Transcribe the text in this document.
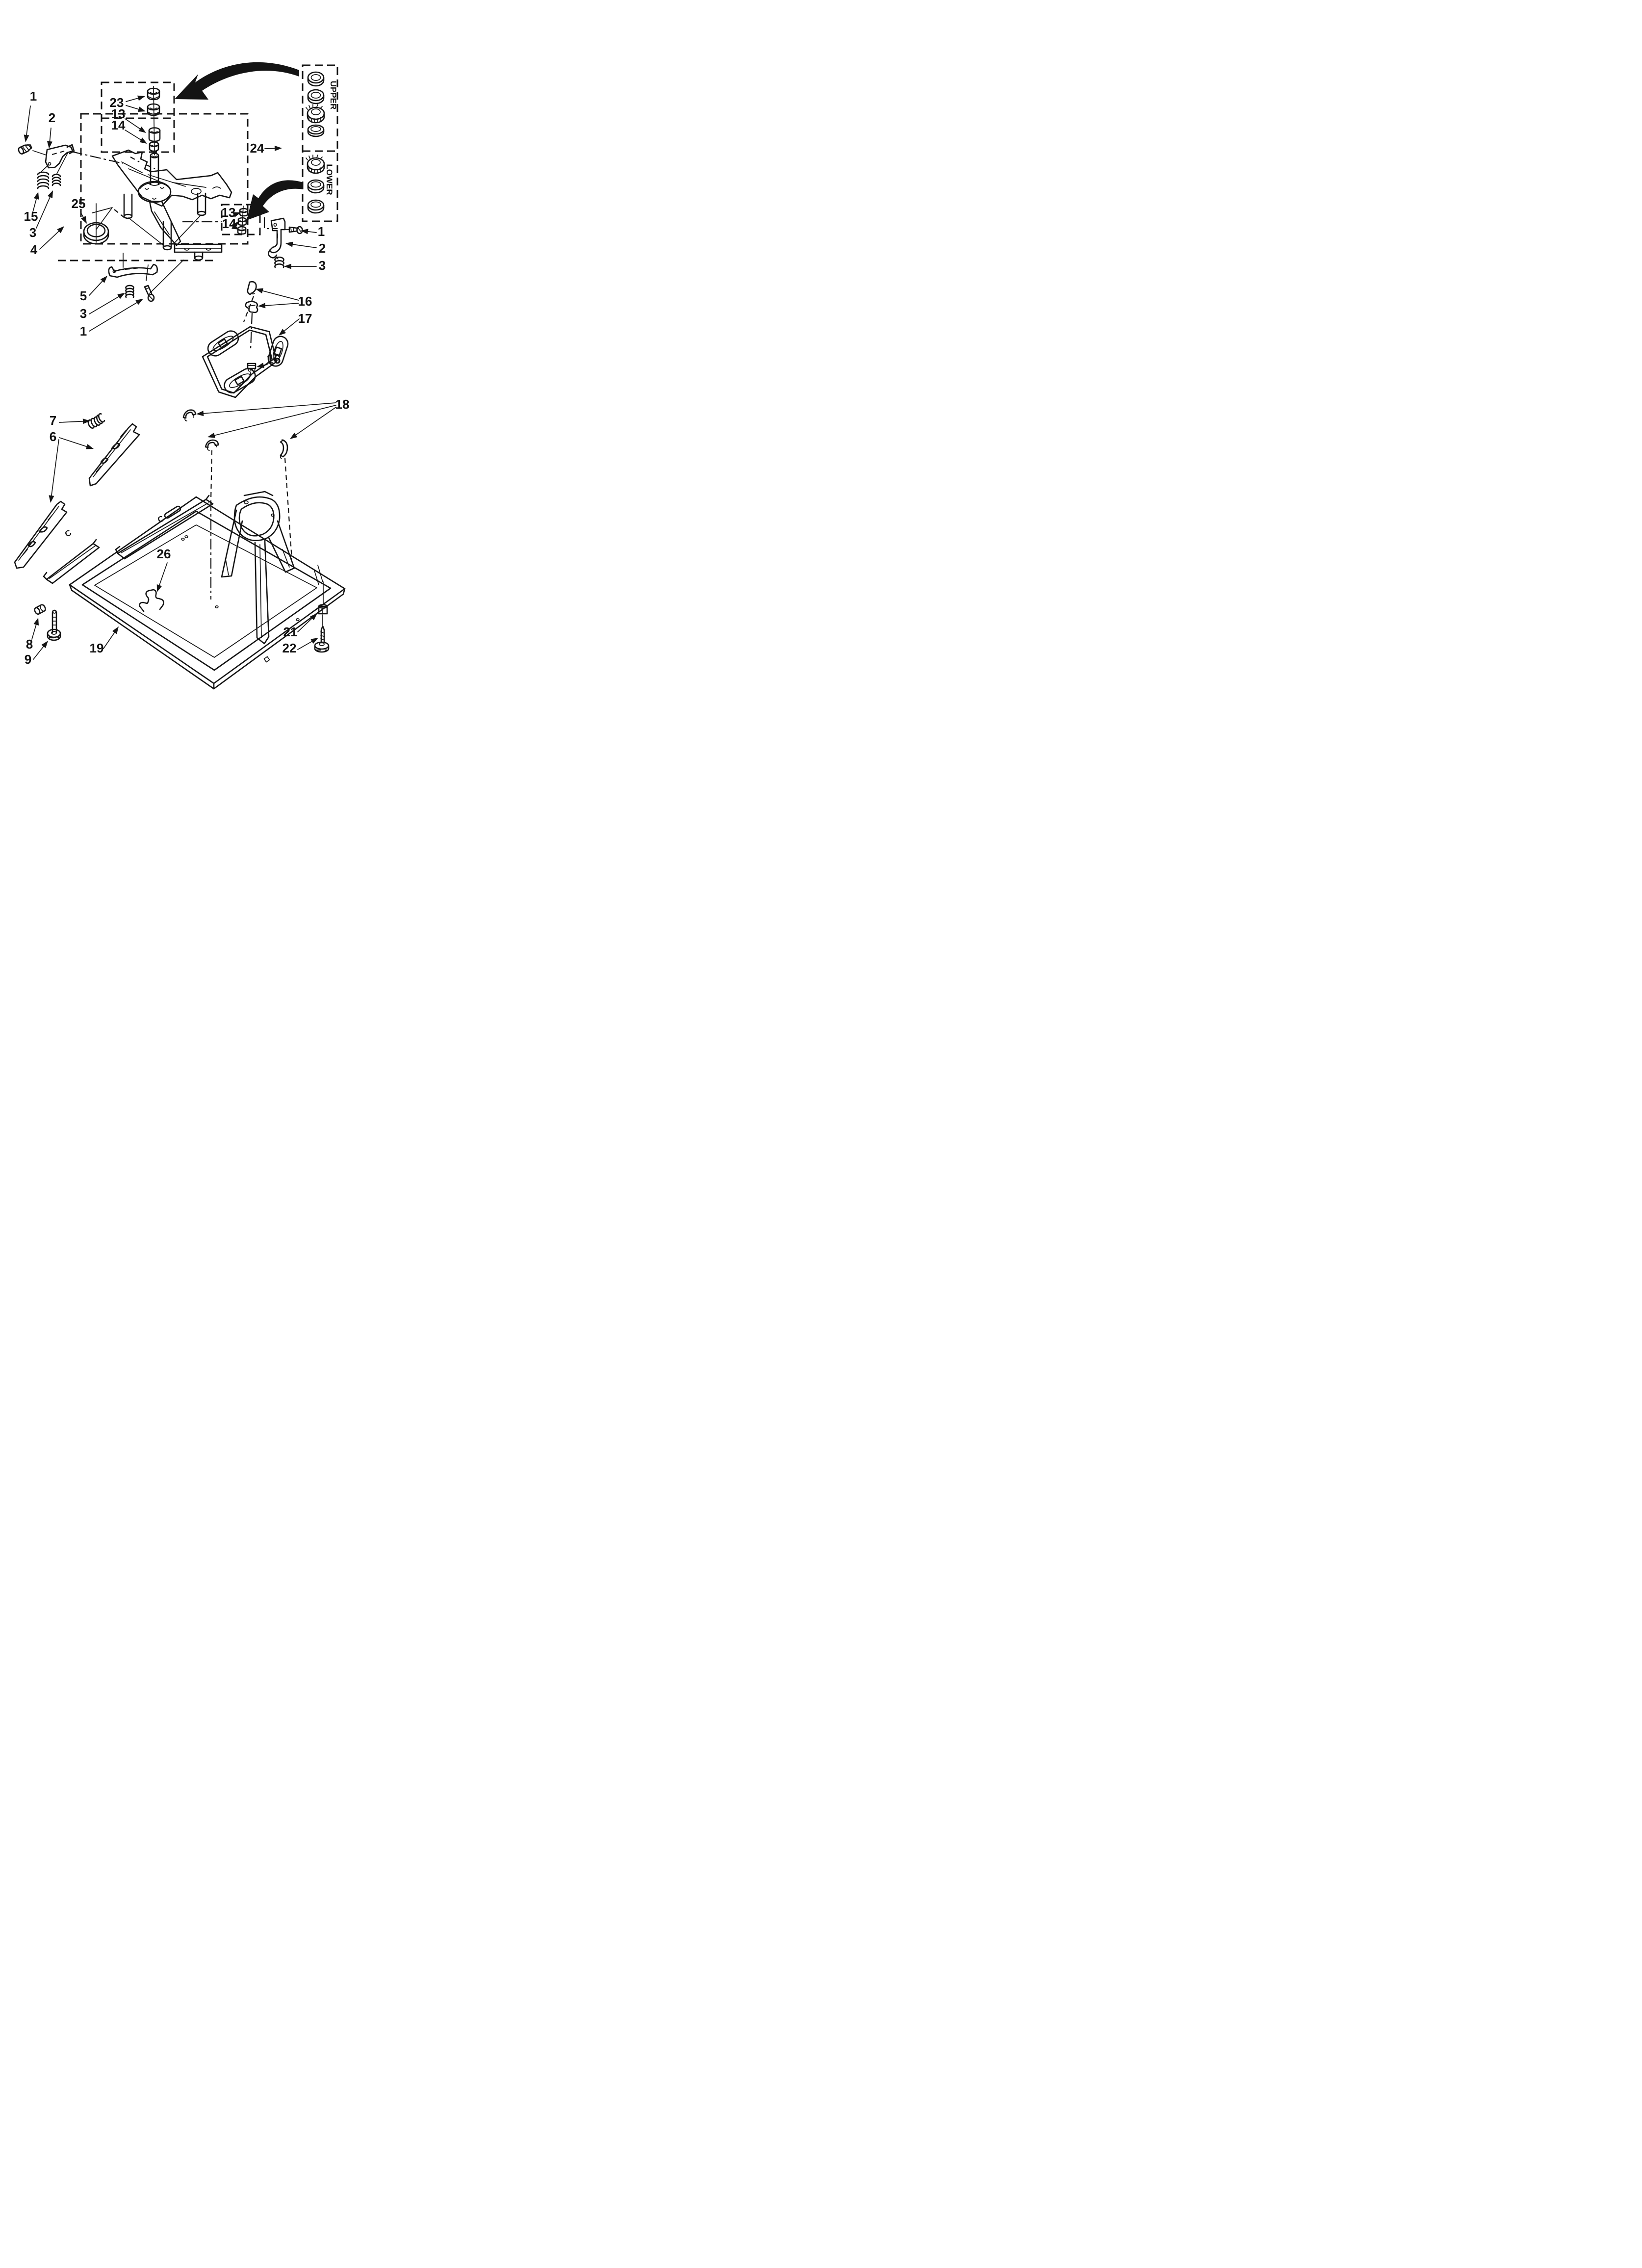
1
2
23
13
14
24
25
13
14
15
3
4
5
3
1
1
2
3
16
17
16
18
7
6
26
8
9
19
21
22
UPPER
LOWER
C
C
